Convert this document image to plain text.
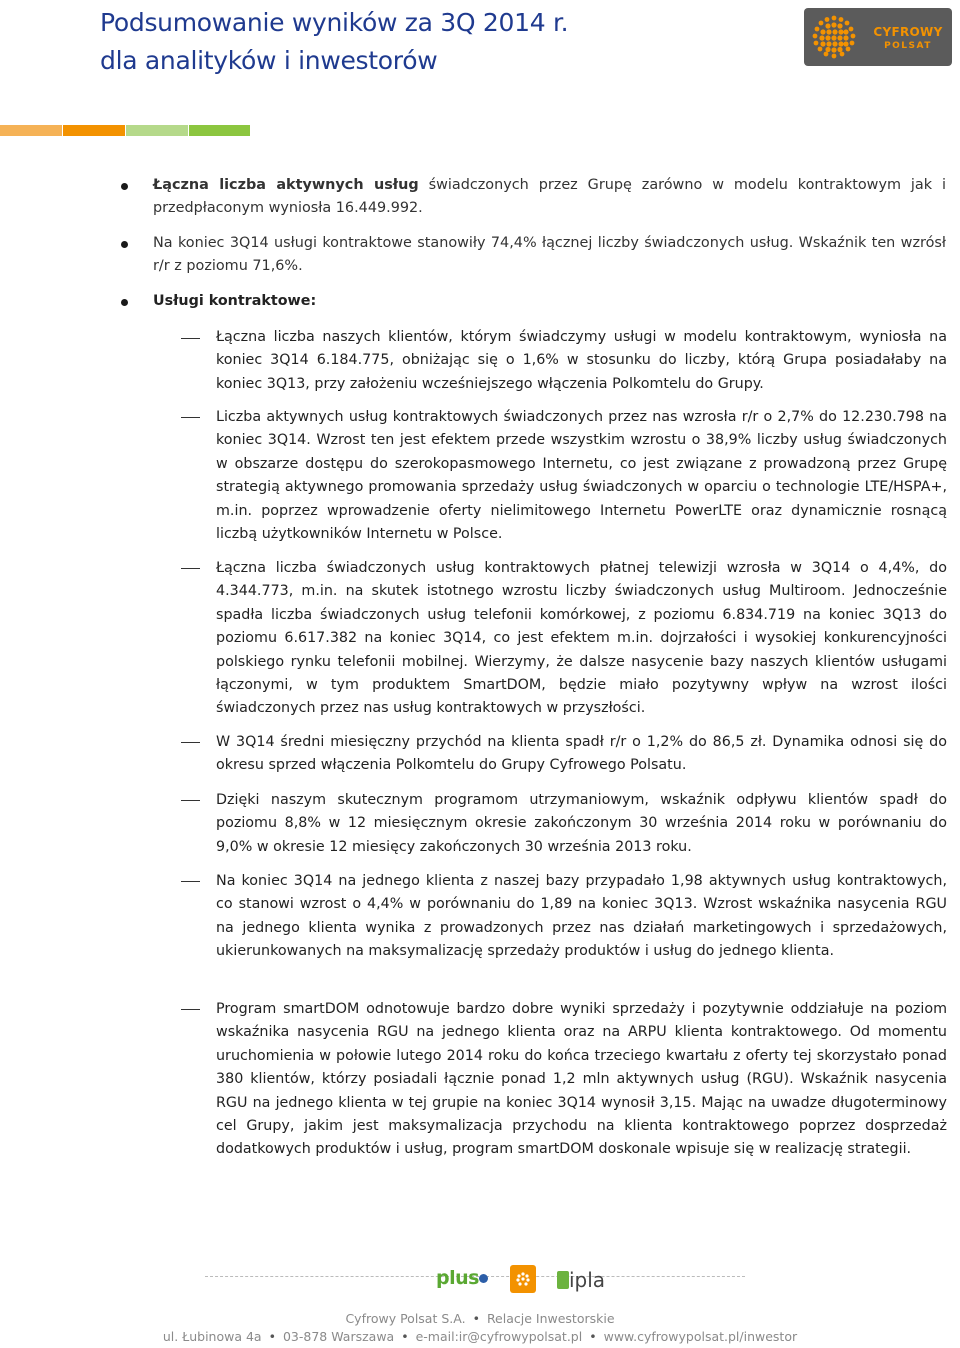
Podsumowanie wyników za 3Q 2014 r.
dla analityków i inwestorów
CYFROWY
POLSAT

Łączna liczba aktywnych usług świadczonych przez Grupę zarówno w modelu kontraktowym jak i przedpłaconym wyniosła 16.449.992.

Na koniec 3Q14 usługi kontraktowe stanowiły 74,4% łącznej liczby świadczonych usług. Wskaźnik ten wzrósł r/r z poziomu 71,6%.

Usługi kontraktowe:

Łączna liczba naszych klientów, którym świadczymy usługi w modelu kontraktowym, wyniosła na koniec 3Q14 6.184.775, obniżając się o 1,6% w stosunku do liczby, którą Grupa posiadałaby na koniec 3Q13, przy założeniu wcześniejszego włączenia Polkomtelu do Grupy.

Liczba aktywnych usług kontraktowych świadczonych przez nas wzrosła r/r o 2,7% do 12.230.798 na koniec 3Q14. Wzrost ten jest efektem przede wszystkim wzrostu o 38,9% liczby usług świadczonych w obszarze dostępu do szerokopasmowego Internetu, co jest związane z prowadzoną przez Grupę strategią aktywnego promowania sprzedaży usług świadczonych w oparciu o technologie LTE/HSPA+, m.in. poprzez wprowadzenie oferty nielimitowego Internetu PowerLTE oraz dynamicznie rosnącą liczbą użytkowników Internetu w Polsce.

Łączna liczba świadczonych usług kontraktowych płatnej telewizji wzrosła w 3Q14 o 4,4%, do 4.344.773, m.in. na skutek istotnego wzrostu liczby świadczonych usług Multiroom. Jednocześnie spadła liczba świadczonych usług telefonii komórkowej, z poziomu 6.834.719 na koniec 3Q13 do poziomu 6.617.382 na koniec 3Q14, co jest efektem m.in. dojrzałości i wysokiej konkurencyjności polskiego rynku telefonii mobilnej. Wierzymy, że dalsze nasycenie bazy naszych klientów usługami łączonymi, w tym produktem SmartDOM, będzie miało pozytywny wpływ na wzrost ilości świadczonych przez nas usług kontraktowych w przyszłości.

W 3Q14 średni miesięczny przychód na klienta spadł r/r o 1,2% do 86,5 zł. Dynamika odnosi się do okresu sprzed włączenia Polkomtelu do Grupy Cyfrowego Polsatu.

Dzięki naszym skutecznym programom utrzymaniowym, wskaźnik odpływu klientów spadł do poziomu 8,8% w 12 miesięcznym okresie zakończonym 30 września 2014 roku w porównaniu do 9,0% w okresie 12 miesięcy zakończonych 30 września 2013 roku.

Na koniec 3Q14 na jednego klienta z naszej bazy przypadało 1,98 aktywnych usług kontraktowych, co stanowi wzrost o 4,4% w porównaniu do 1,89 na koniec 3Q13. Wzrost wskaźnika nasycenia RGU na jednego klienta wynika z prowadzonych przez nas działań marketingowych i sprzedażowych, ukierunkowanych na maksymalizację sprzedaży produktów i usług do jednego klienta.

Program smartDOM odnotowuje bardzo dobre wyniki sprzedaży i pozytywnie oddziałuje na poziom wskaźnika nasycenia RGU na jednego klienta oraz na ARPU klienta kontraktowego. Od momentu uruchomienia w połowie lutego 2014 roku do końca trzeciego kwartału z oferty tej skorzystało ponad 380 klientów, którzy posiadali łącznie ponad 1,2 mln aktywnych usług (RGU). Wskaźnik nasycenia RGU na jednego klienta w tej grupie na koniec 3Q14 wynosił 3,15. Mając na uwadze długoterminowy cel Grupy, jakim jest maksymalizacja przychodu na klienta kontraktowego poprzez dosprzedaż dodatkowych produktów i usług, program smartDOM doskonale wpisuje się w realizację strategii.

plus	ipla
Cyfrowy Polsat S.A. • Relacje Inwestorskie
ul. Łubinowa 4a • 03-878 Warszawa • e-mail:ir@cyfrowypolsat.pl • www.cyfrowypolsat.pl/inwestor
